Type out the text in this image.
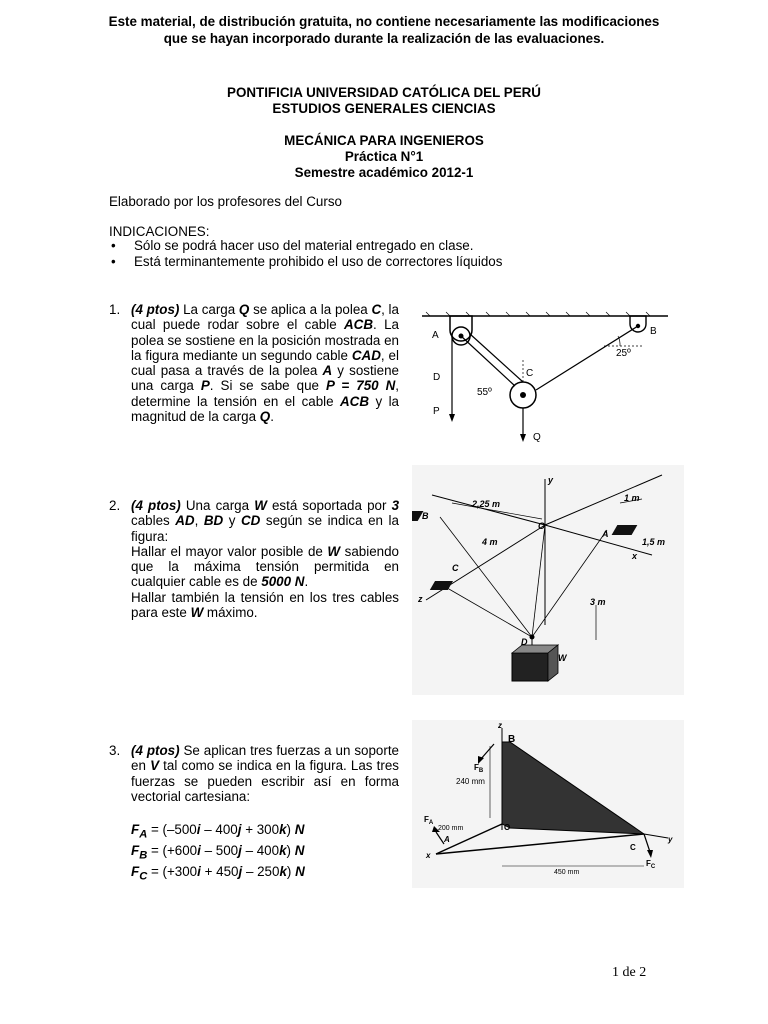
Este material, de distribución gratuita, no contiene necesariamente las modificaciones
que se hayan incorporado durante la realización de las evaluaciones.
PONTIFICIA UNIVERSIDAD CATÓLICA DEL PERÚ
ESTUDIOS GENERALES CIENCIAS
MECÁNICA PARA INGENIEROS
Práctica N°1
Semestre académico 2012-1
Elaborado por los profesores del Curso
INDICACIONES:
• Sólo se podrá hacer uso del material entregado en clase.
• Está terminantemente prohibido el uso de correctores líquidos
1. (4 ptos) La carga Q se aplica a la polea C, la cual puede rodar sobre el cable ACB. La polea se sostiene en la posición mostrada en la figura mediante un segundo cable CAD, el cual pasa a través de la polea A y sostiene una carga P. Si se sabe que P = 750 N, determine la tensión en el cable ACB y la magnitud de la carga Q.
A	B
C
D
P
Q
55º
25º
2. (4 ptos) Una carga W está soportada por 3 cables AD, BD y CD según se indica en la figura:
Hallar el mayor valor posible de W sabiendo que la máxima tensión permitida en cualquier cable es de 5000 N.
Hallar también la tensión en los tres cables para este W máximo.
y
x
z
O
A
B
C
D
W
2,25 m
1 m
1,5 m
4 m
3 m
3. (4 ptos) Se aplican tres fuerzas a un soporte en V tal como se indica en la figura. Las tres fuerzas se pueden escribir así en forma vectorial cartesiana:
$F_A = (-500i - 400j + 300k)$ N
$F_B = (+600i - 500j - 400k)$ N
$F_C = (+300i + 450j - 250k)$ N
z
B
$F_B$
240 mm
200 mm
$F_A$
A
O
x
y
C
$F_C$
450 mm
1 de 2
